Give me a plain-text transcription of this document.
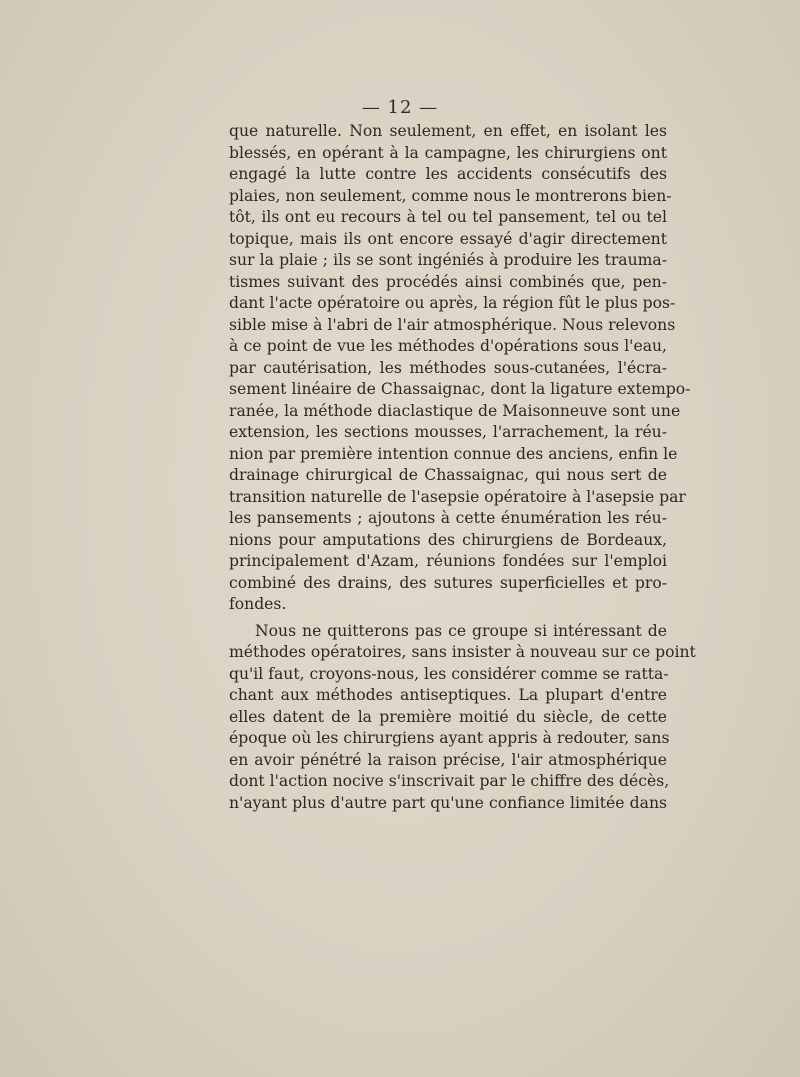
— 12 —
que naturelle. Non seulement, en effet, en isolant les
blessés, en opérant à la campagne, les chirurgiens ont
engagé la lutte contre les accidents consécutifs des
plaies, non seulement, comme nous le montrerons bien-
tôt, ils ont eu recours à tel ou tel pansement, tel ou tel
topique, mais ils ont encore essayé d'agir directement
sur la plaie ; ils se sont ingéniés à produire les trauma-
tismes suivant des procédés ainsi combinés que, pen-
dant l'acte opératoire ou après, la région fût le plus pos-
sible mise à l'abri de l'air atmosphérique. Nous relevons
à ce point de vue les méthodes d'opérations sous l'eau,
par cautérisation, les méthodes sous-cutanées, l'écra-
sement linéaire de Chassaignac, dont la ligature extempo-
ranée, la méthode diaclastique de Maisonneuve sont une
extension, les sections mousses, l'arrachement, la réu-
nion par première intention connue des anciens, enfin le
drainage chirurgical de Chassaignac, qui nous sert de
transition naturelle de l'asepsie opératoire à l'asepsie par
les pansements ; ajoutons à cette énumération les réu-
nions pour amputations des chirurgiens de Bordeaux,
principalement d'Azam, réunions fondées sur l'emploi
combiné des drains, des sutures superficielles et pro-
fondes.
Nous ne quitterons pas ce groupe si intéressant de
méthodes opératoires, sans insister à nouveau sur ce point
qu'il faut, croyons-nous, les considérer comme se ratta-
chant aux méthodes antiseptiques. La plupart d'entre
elles datent de la première moitié du siècle, de cette
époque où les chirurgiens ayant appris à redouter, sans
en avoir pénétré la raison précise, l'air atmosphérique
dont l'action nocive s'inscrivait par le chiffre des décès,
n'ayant plus d'autre part qu'une confiance limitée dans
